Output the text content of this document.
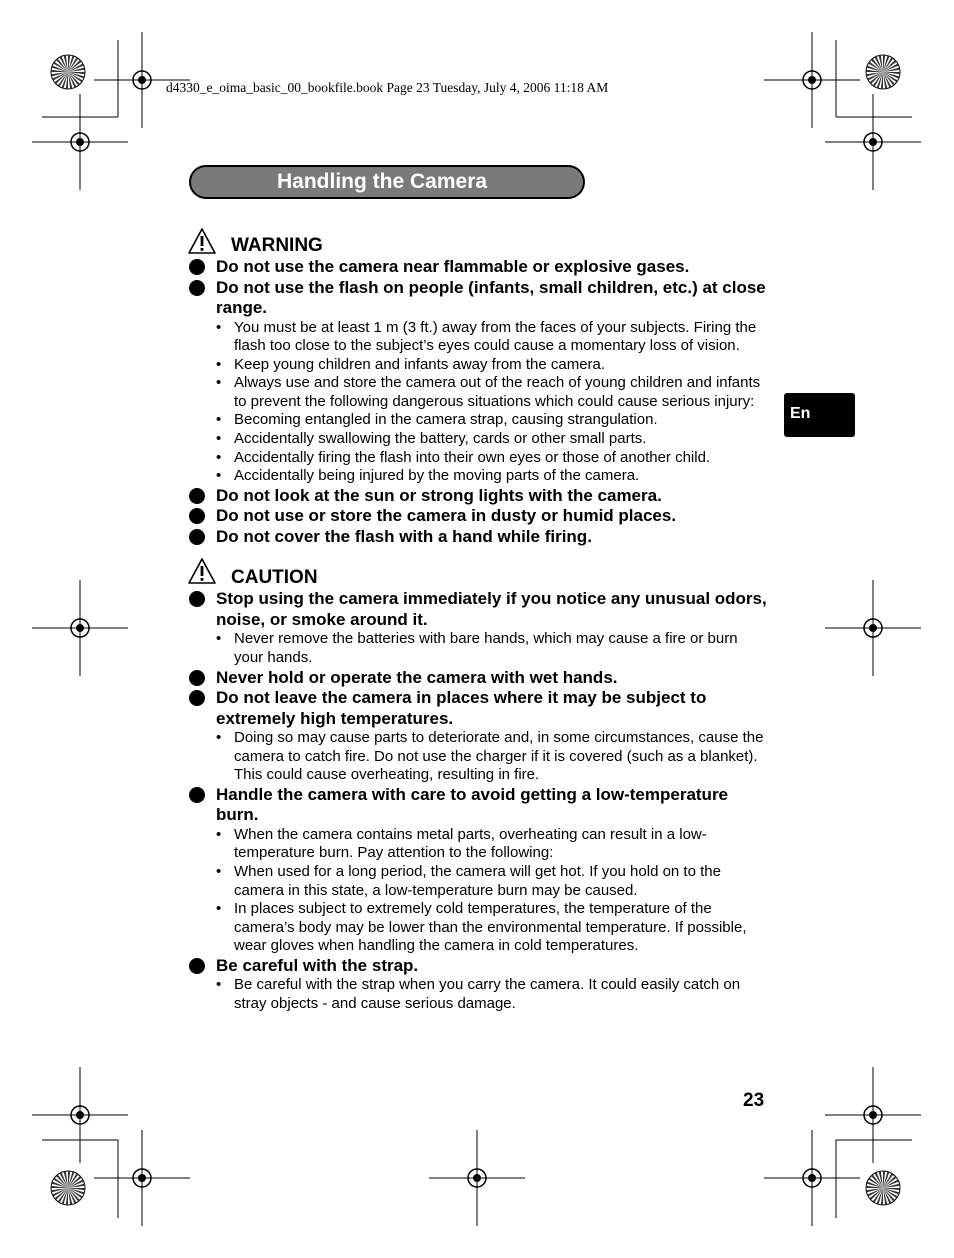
d4330_e_oima_basic_00_bookfile.book Page 23 Tuesday, July 4, 2006 11:18 AM
Handling the Camera
En
WARNING
Do not use the camera near flammable or explosive gases.
Do not use the flash on people (infants, small children, etc.) at close range.
• You must be at least 1 m (3 ft.) away from the faces of your subjects. Firing the flash too close to the subject’s eyes could cause a momentary loss of vision.
• Keep young children and infants away from the camera.
• Always use and store the camera out of the reach of young children and infants to prevent the following dangerous situations which could cause serious injury:
• Becoming entangled in the camera strap, causing strangulation.
• Accidentally swallowing the battery, cards or other small parts.
• Accidentally firing the flash into their own eyes or those of another child.
• Accidentally being injured by the moving parts of the camera.
Do not look at the sun or strong lights with the camera.
Do not use or store the camera in dusty or humid places.
Do not cover the flash with a hand while firing.
CAUTION
Stop using the camera immediately if you notice any unusual odors, noise, or smoke around it.
• Never remove the batteries with bare hands, which may cause a fire or burn your hands.
Never hold or operate the camera with wet hands.
Do not leave the camera in places where it may be subject to extremely high temperatures.
• Doing so may cause parts to deteriorate and, in some circumstances, cause the camera to catch fire. Do not use the charger if it is covered (such as a blanket). This could cause overheating, resulting in fire.
Handle the camera with care to avoid getting a low-temperature burn.
• When the camera contains metal parts, overheating can result in a low-temperature burn. Pay attention to the following:
• When used for a long period, the camera will get hot. If you hold on to the camera in this state, a low-temperature burn may be caused.
• In places subject to extremely cold temperatures, the temperature of the camera’s body may be lower than the environmental temperature. If possible, wear gloves when handling the camera in cold temperatures.
Be careful with the strap.
• Be careful with the strap when you carry the camera. It could easily catch on stray objects - and cause serious damage.
23
